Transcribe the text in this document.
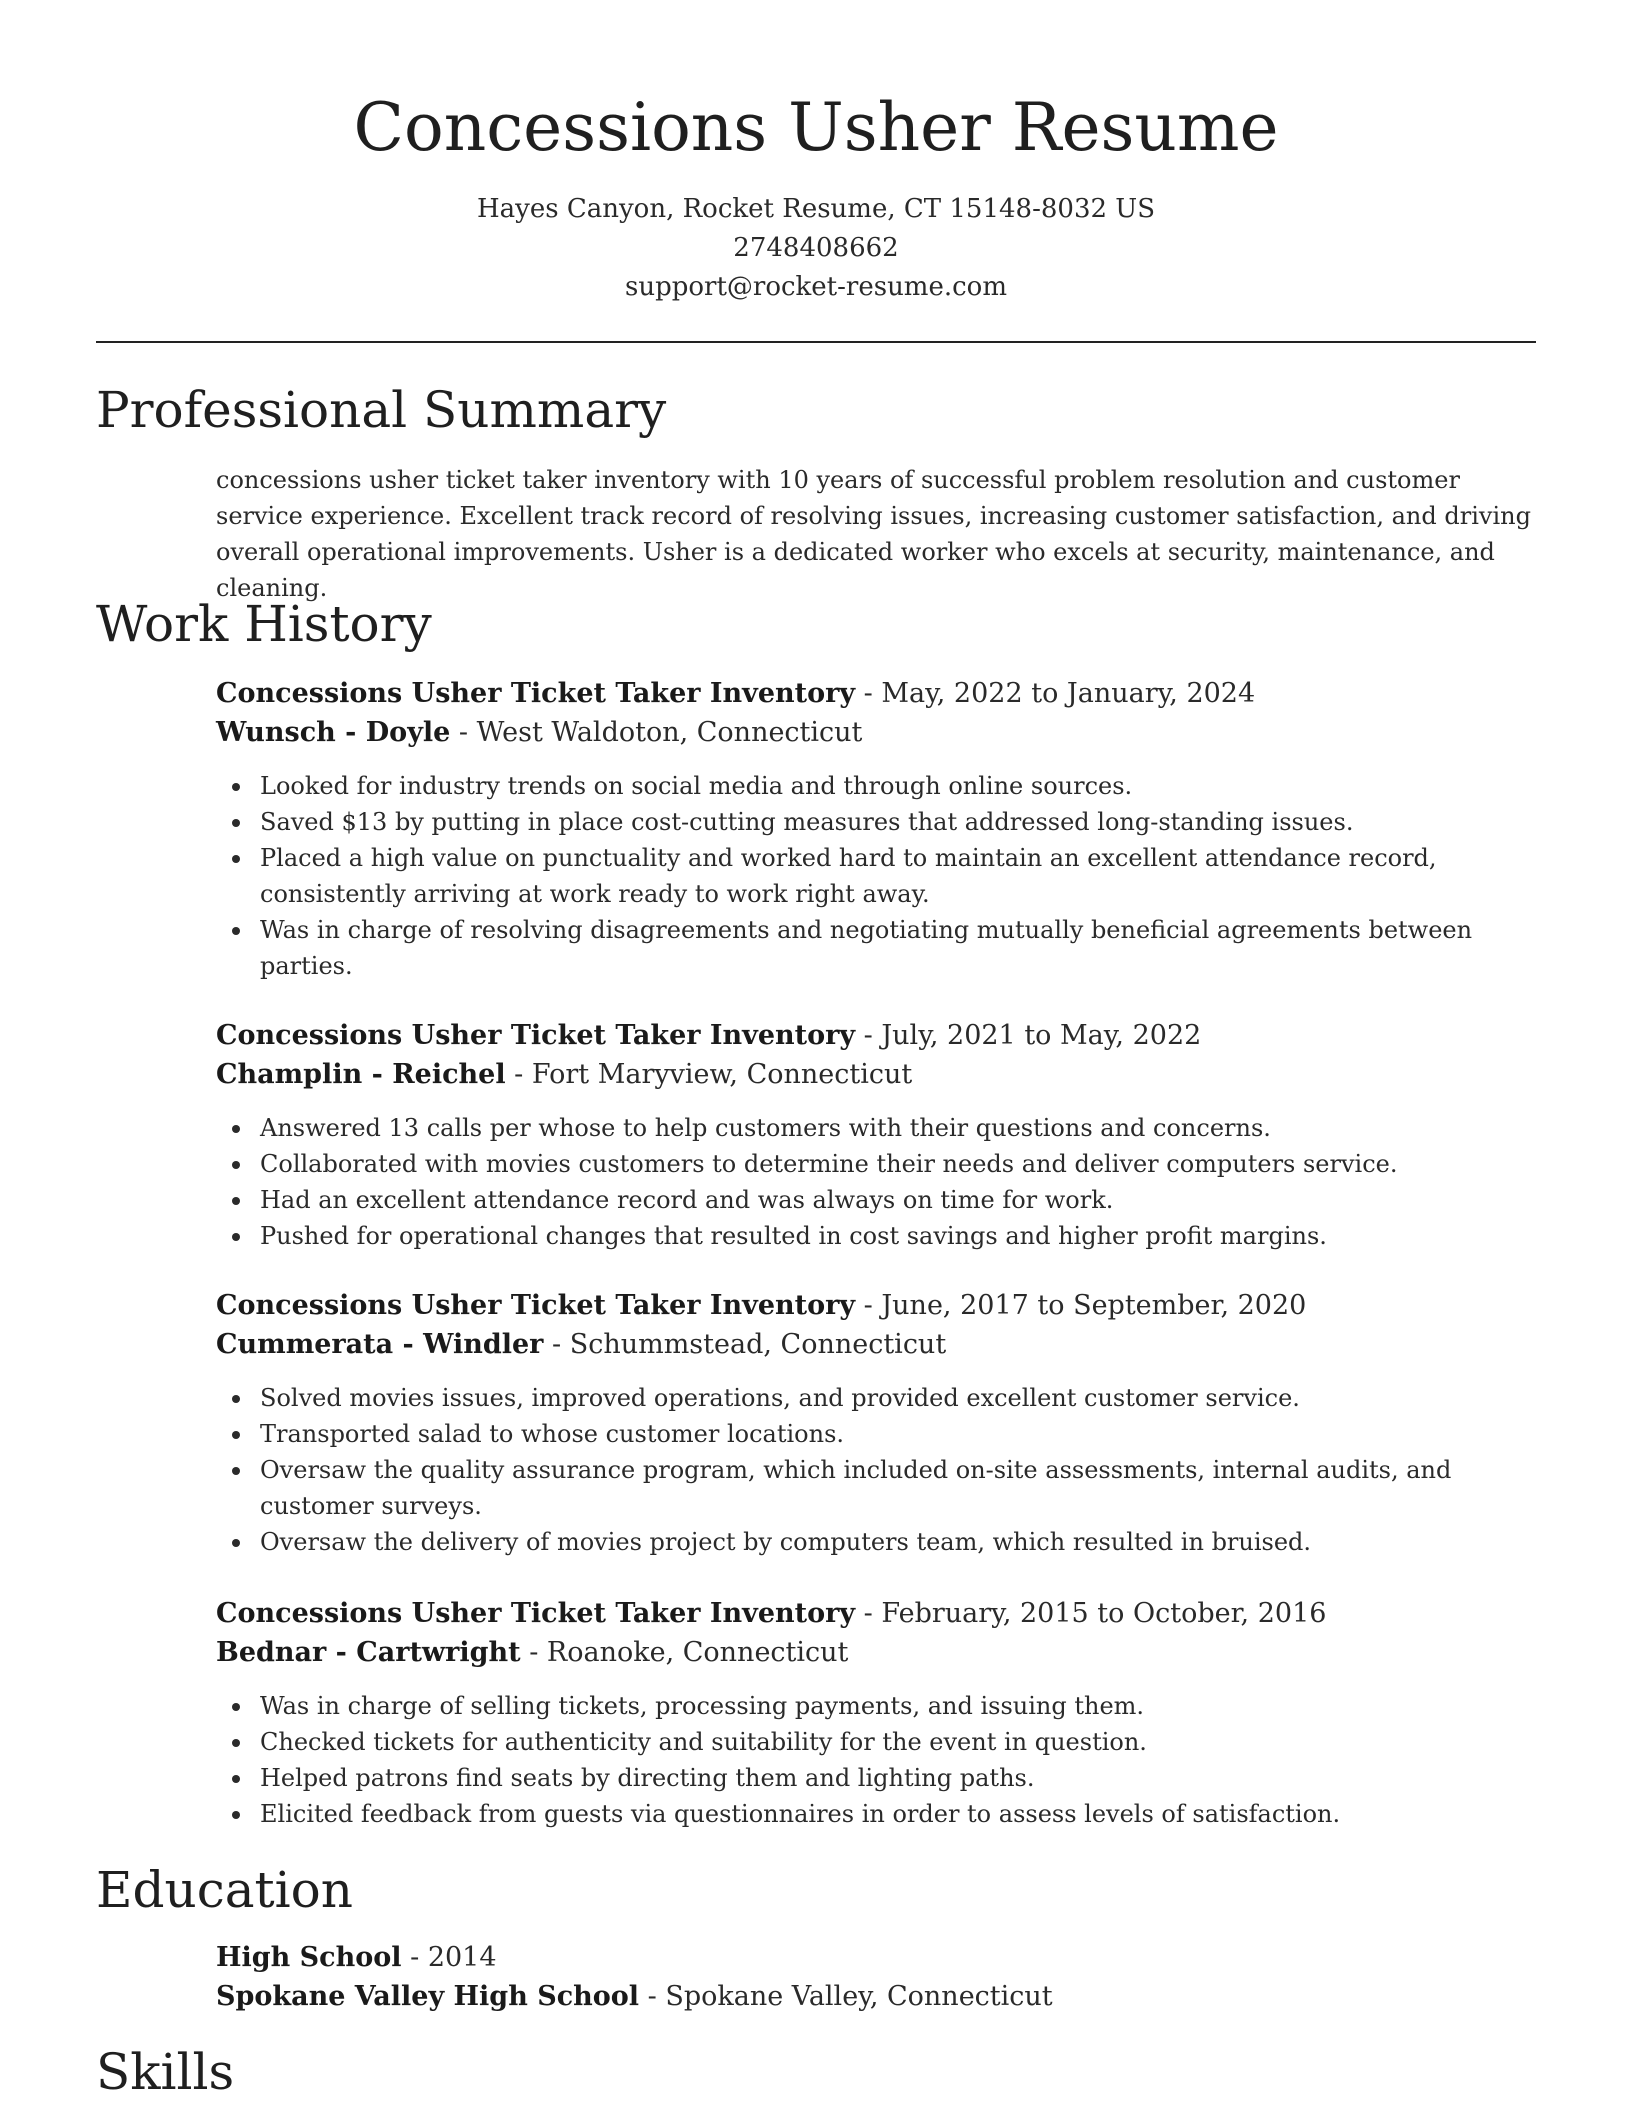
Concessions Usher Resume
Hayes Canyon, Rocket Resume, CT 15148-8032 US
2748408662
support@rocket-resume.com
Professional Summary
concessions usher ticket taker inventory with 10 years of successful problem resolution and customer service experience. Excellent track record of resolving issues, increasing customer satisfaction, and driving overall operational improvements. Usher is a dedicated worker who excels at security, maintenance, and cleaning.
Work History
Concessions Usher Ticket Taker Inventory - May, 2022 to January, 2024
Wunsch - Doyle - West Waldoton, Connecticut
Looked for industry trends on social media and through online sources.
Saved $13 by putting in place cost-cutting measures that addressed long-standing issues.
Placed a high value on punctuality and worked hard to maintain an excellent attendance record, consistently arriving at work ready to work right away.
Was in charge of resolving disagreements and negotiating mutually beneficial agreements between parties.
Concessions Usher Ticket Taker Inventory - July, 2021 to May, 2022
Champlin - Reichel - Fort Maryview, Connecticut
Answered 13 calls per whose to help customers with their questions and concerns.
Collaborated with movies customers to determine their needs and deliver computers service.
Had an excellent attendance record and was always on time for work.
Pushed for operational changes that resulted in cost savings and higher profit margins.
Concessions Usher Ticket Taker Inventory - June, 2017 to September, 2020
Cummerata - Windler - Schummstead, Connecticut
Solved movies issues, improved operations, and provided excellent customer service.
Transported salad to whose customer locations.
Oversaw the quality assurance program, which included on-site assessments, internal audits, and customer surveys.
Oversaw the delivery of movies project by computers team, which resulted in bruised.
Concessions Usher Ticket Taker Inventory - February, 2015 to October, 2016
Bednar - Cartwright - Roanoke, Connecticut
Was in charge of selling tickets, processing payments, and issuing them.
Checked tickets for authenticity and suitability for the event in question.
Helped patrons find seats by directing them and lighting paths.
Elicited feedback from guests via questionnaires in order to assess levels of satisfaction.
Education
High School - 2014
Spokane Valley High School - Spokane Valley, Connecticut
Skills
